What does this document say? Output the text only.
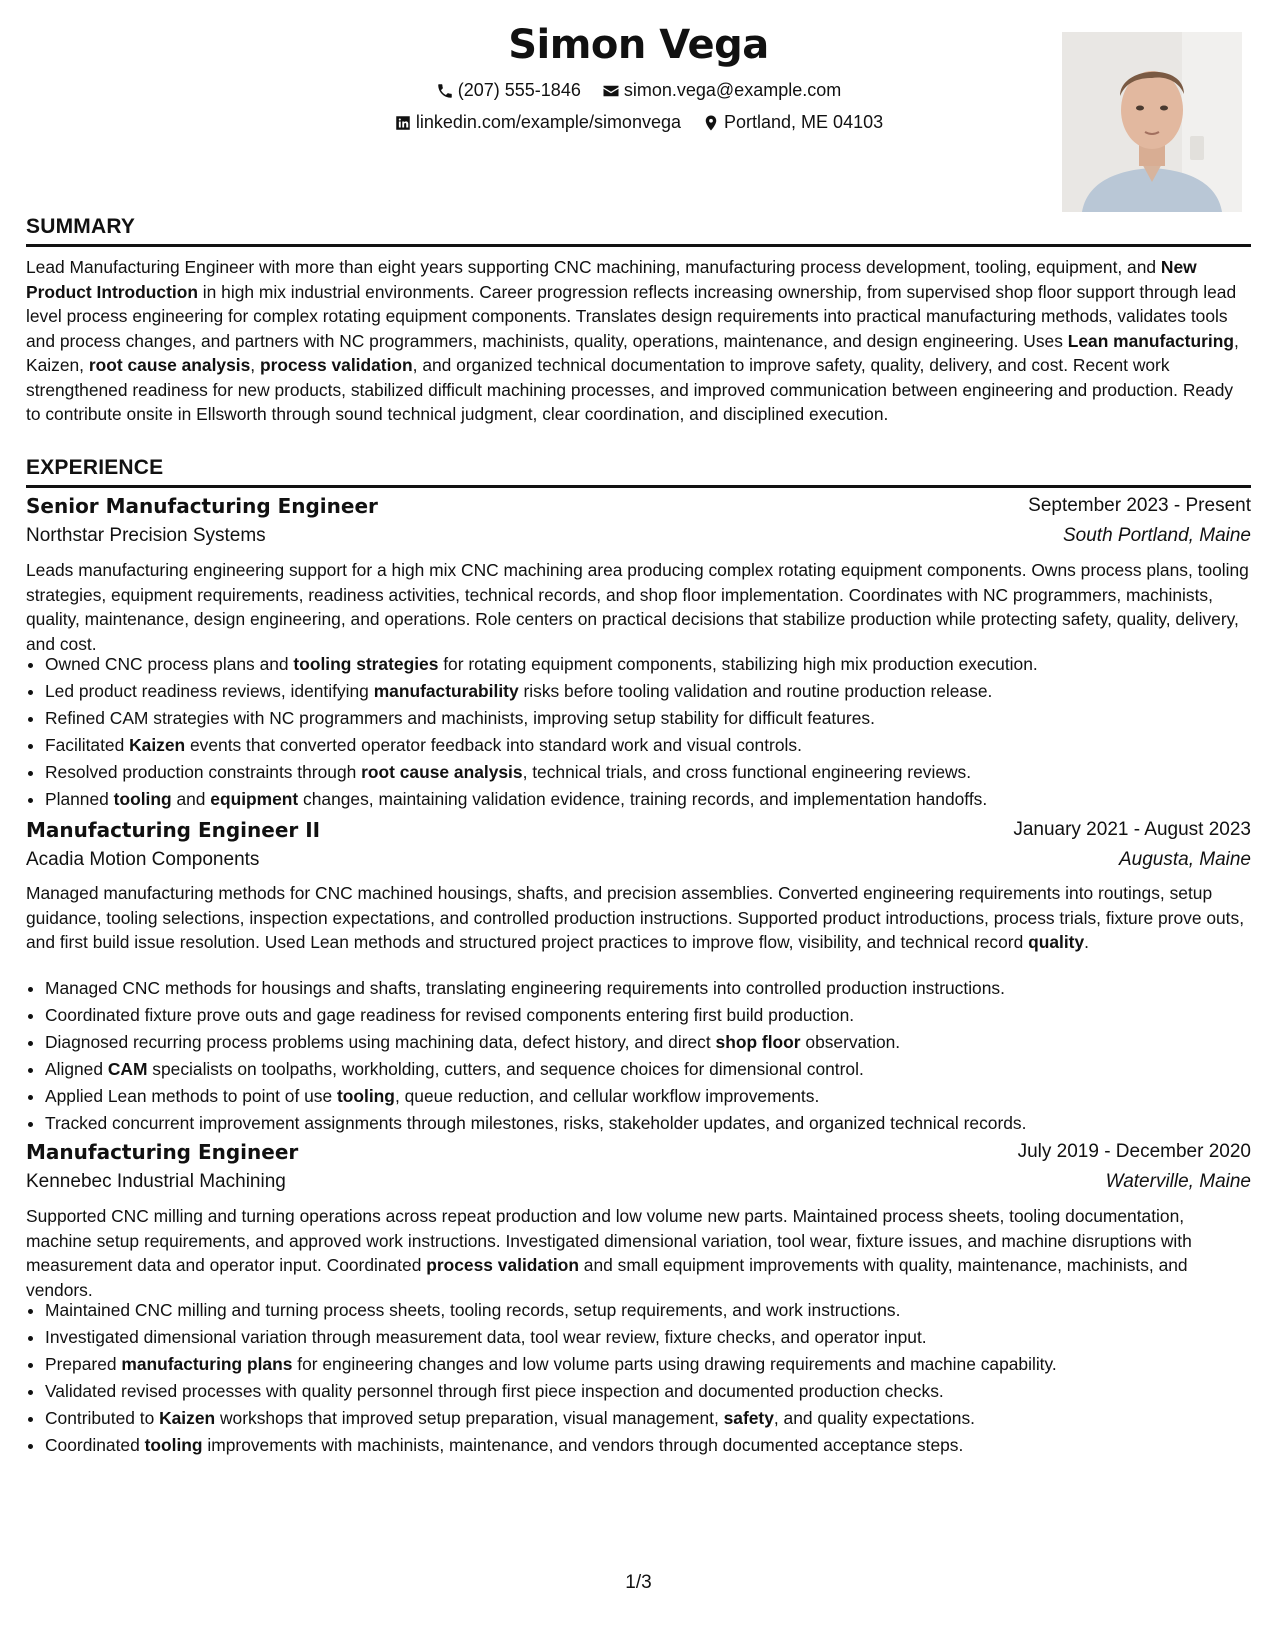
Simon Vega
(207) 555-1846
simon.vega@example.com
linkedin.com/example/simonvega
Portland, ME 04103
SUMMARY
Lead Manufacturing Engineer with more than eight years supporting CNC machining, manufacturing process development, tooling, equipment, and New Product Introduction in high mix industrial environments. Career progression reflects increasing ownership, from supervised shop floor support through lead level process engineering for complex rotating equipment components. Translates design requirements into practical manufacturing methods, validates tools and process changes, and partners with NC programmers, machinists, quality, operations, maintenance, and design engineering. Uses Lean manufacturing, Kaizen, root cause analysis, process validation, and organized technical documentation to improve safety, quality, delivery, and cost. Recent work strengthened readiness for new products, stabilized difficult machining processes, and improved communication between engineering and production. Ready to contribute onsite in Ellsworth through sound technical judgment, clear coordination, and disciplined execution.
EXPERIENCE
Senior Manufacturing Engineer	September 2023 - Present
Northstar Precision Systems	South Portland, Maine
Leads manufacturing engineering support for a high mix CNC machining area producing complex rotating equipment components. Owns process plans, tooling strategies, equipment requirements, readiness activities, technical records, and shop floor implementation. Coordinates with NC programmers, machinists, quality, maintenance, design engineering, and operations. Role centers on practical decisions that stabilize production while protecting safety, quality, delivery, and cost.
• Owned CNC process plans and tooling strategies for rotating equipment components, stabilizing high mix production execution.
• Led product readiness reviews, identifying manufacturability risks before tooling validation and routine production release.
• Refined CAM strategies with NC programmers and machinists, improving setup stability for difficult features.
• Facilitated Kaizen events that converted operator feedback into standard work and visual controls.
• Resolved production constraints through root cause analysis, technical trials, and cross functional engineering reviews.
• Planned tooling and equipment changes, maintaining validation evidence, training records, and implementation handoffs.
Manufacturing Engineer II	January 2021 - August 2023
Acadia Motion Components	Augusta, Maine
Managed manufacturing methods for CNC machined housings, shafts, and precision assemblies. Converted engineering requirements into routings, setup guidance, tooling selections, inspection expectations, and controlled production instructions. Supported product introductions, process trials, fixture prove outs, and first build issue resolution. Used Lean methods and structured project practices to improve flow, visibility, and technical record quality.
• Managed CNC methods for housings and shafts, translating engineering requirements into controlled production instructions.
• Coordinated fixture prove outs and gage readiness for revised components entering first build production.
• Diagnosed recurring process problems using machining data, defect history, and direct shop floor observation.
• Aligned CAM specialists on toolpaths, workholding, cutters, and sequence choices for dimensional control.
• Applied Lean methods to point of use tooling, queue reduction, and cellular workflow improvements.
• Tracked concurrent improvement assignments through milestones, risks, stakeholder updates, and organized technical records.
Manufacturing Engineer	July 2019 - December 2020
Kennebec Industrial Machining	Waterville, Maine
Supported CNC milling and turning operations across repeat production and low volume new parts. Maintained process sheets, tooling documentation, machine setup requirements, and approved work instructions. Investigated dimensional variation, tool wear, fixture issues, and machine disruptions with measurement data and operator input. Coordinated process validation and small equipment improvements with quality, maintenance, machinists, and vendors.
• Maintained CNC milling and turning process sheets, tooling records, setup requirements, and work instructions.
• Investigated dimensional variation through measurement data, tool wear review, fixture checks, and operator input.
• Prepared manufacturing plans for engineering changes and low volume parts using drawing requirements and machine capability.
• Validated revised processes with quality personnel through first piece inspection and documented production checks.
• Contributed to Kaizen workshops that improved setup preparation, visual management, safety, and quality expectations.
• Coordinated tooling improvements with machinists, maintenance, and vendors through documented acceptance steps.
1/3
